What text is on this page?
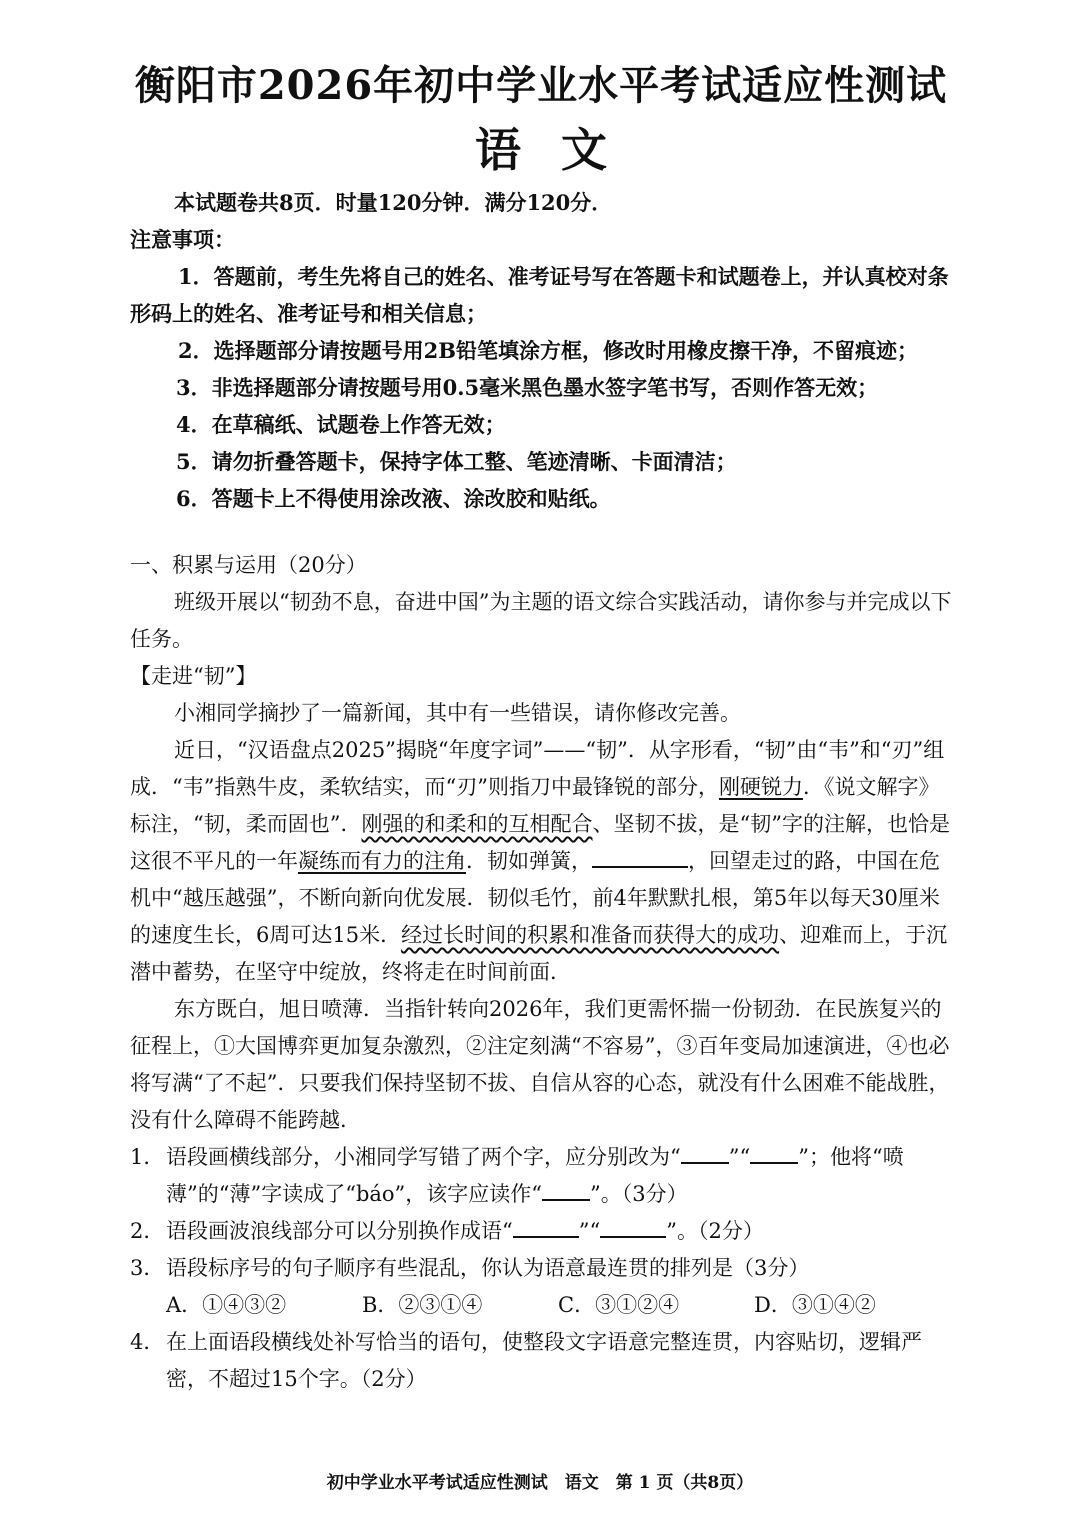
衡阳市2026年初中学业水平考试适应性测试
语文

本试题卷共8页．时量120分钟．满分120分．

注意事项：

1．答题前，考生先将自己的姓名、准考证号写在答题卡和试题卷上，并认真校对条形码上的姓名、准考证号和相关信息；

2．选择题部分请按题号用2B铅笔填涂方框，修改时用橡皮擦干净，不留痕迹；

3．非选择题部分请按题号用0.5毫米黑色墨水签字笔书写，否则作答无效；

4．在草稿纸、试题卷上作答无效；

5．请勿折叠答题卡，保持字体工整、笔迹清晰、卡面清洁；

6．答题卡上不得使用涂改液、涂改胶和贴纸。

一、积累与运用（20分）

班级开展以“韧劲不息，奋进中国”为主题的语文综合实践活动，请你参与并完成以下任务。

【走进“韧”】

小湘同学摘抄了一篇新闻，其中有一些错误，请你修改完善。

近日，“汉语盘点2025”揭晓“年度字词”——“韧”．从字形看，“韧”由“韦”和“刃”组成．“韦”指熟牛皮，柔软结实，而“刃”则指刀中最锋锐的部分，刚硬锐力．《说文解字》标注，“韧，柔而固也”．刚强的和柔和的互相配合、坚韧不拔，是“韧”字的注解，也恰是这很不平凡的一年凝练而有力的注角．韧如弹簧，	，回望走过的路，中国在危机中“越压越强”，不断向新向优发展．韧似毛竹，前4年默默扎根，第5年以每天30厘米的速度生长，6周可达15米．经过长时间的积累和准备而获得大的成功、迎难而上，于沉潜中蓄势，在坚守中绽放，终将走在时间前面．

东方既白，旭日喷薄．当指针转向2026年，我们更需怀揣一份韧劲．在民族复兴的征程上，①大国博弈更加复杂激烈，②注定刻满“不容易”，③百年变局加速演进，④也必将写满“了不起”．只要我们保持坚韧不拔、自信从容的心态，就没有什么困难不能战胜，没有什么障碍不能跨越．

1． 语段画横线部分，小湘同学写错了两个字，应分别改为“ ”“ ”；他将“喷薄”的“薄”字读成了“báo”，该字应读作“ ”。（3分）

2． 语段画波浪线部分可以分别换作成语“	”“	”。（2分）

3． 语段标序号的句子顺序有些混乱，你认为语意最连贯的排列是（3分）

A．①④③②	B．②③①④	C．③①②④	D．③①④②

4． 在上面语段横线处补写恰当的语句，使整段文字语意完整连贯，内容贴切，逻辑严密，不超过15个字。（2分）

初中学业水平考试适应性测试　语文　第 1 页（共8页）
